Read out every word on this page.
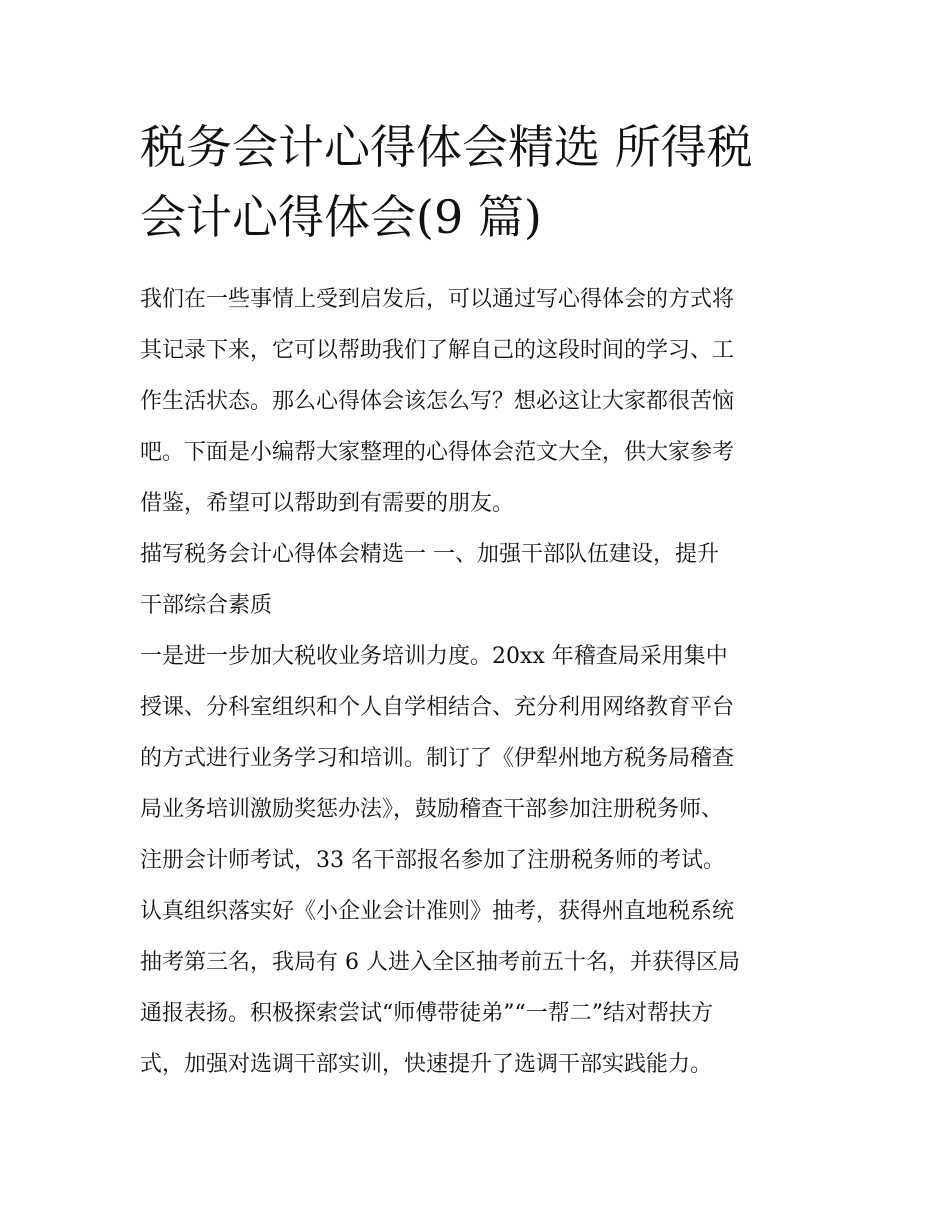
税务会计心得体会精选 所得税
会计心得体会(9 篇)

我们在一些事情上受到启发后，可以通过写心得体会的方式将
其记录下来，它可以帮助我们了解自己的这段时间的学习、工
作生活状态。那么心得体会该怎么写？想必这让大家都很苦恼
吧。下面是小编帮大家整理的心得体会范文大全，供大家参考
借鉴，希望可以帮助到有需要的朋友。

描写税务会计心得体会精选一 一、加强干部队伍建设，提升
干部综合素质

一是进一步加大税收业务培训力度。20xx 年稽查局采用集中
授课、分科室组织和个人自学相结合、充分利用网络教育平台
的方式进行业务学习和培训。制订了《伊犁州地方税务局稽查
局业务培训激励奖惩办法》，鼓励稽查干部参加注册税务师、
注册会计师考试，33 名干部报名参加了注册税务师的考试。
认真组织落实好《小企业会计准则》抽考，获得州直地税系统
抽考第三名，我局有 6 人进入全区抽考前五十名，并获得区局
通报表扬。积极探索尝试“师傅带徒弟”“一帮二”结对帮扶方
式，加强对选调干部实训，快速提升了选调干部实践能力。
